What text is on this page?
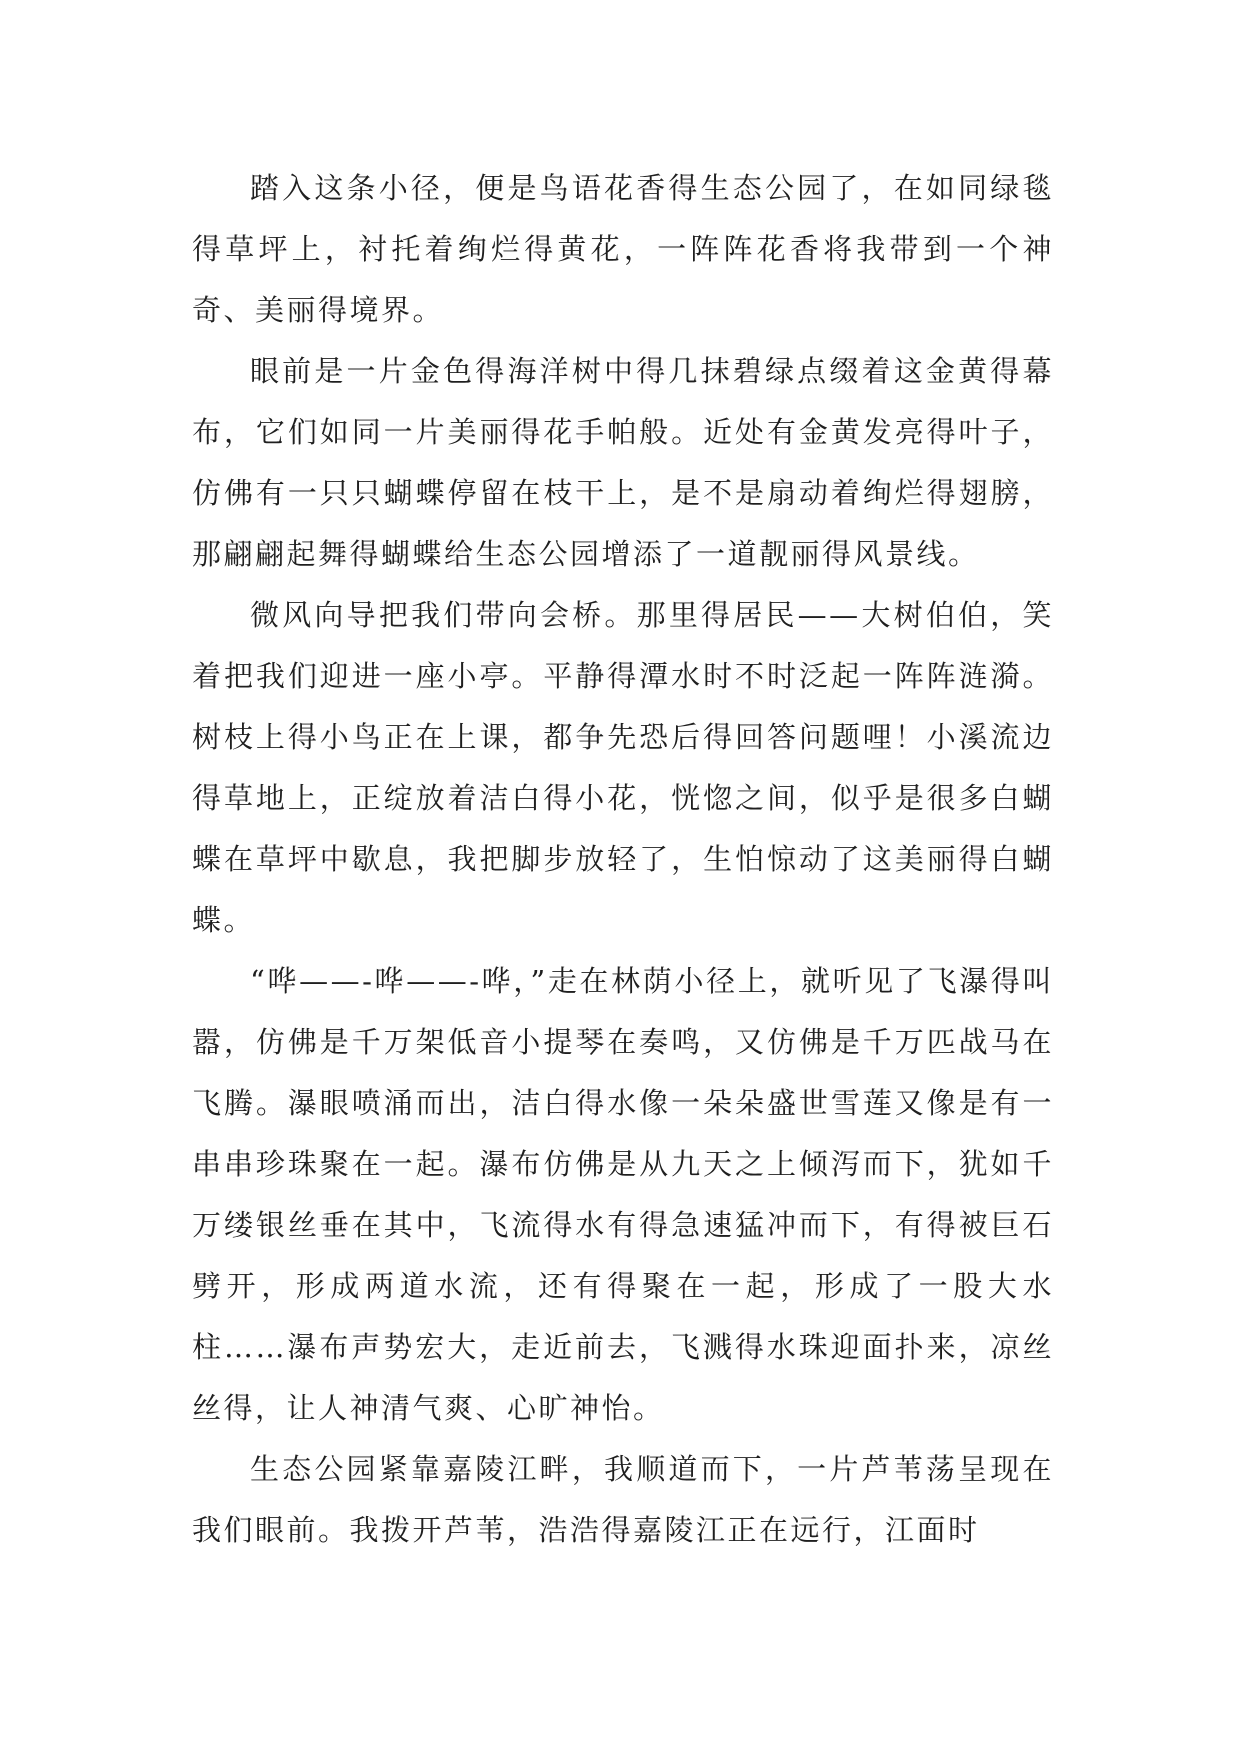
踏入这条小径，便是鸟语花香得生态公园了，在如同绿毯得草坪上，衬托着绚烂得黄花，一阵阵花香将我带到一个神奇、美丽得境界。

眼前是一片金色得海洋树中得几抹碧绿点缀着这金黄得幕布，它们如同一片美丽得花手帕般。近处有金黄发亮得叶子，仿佛有一只只蝴蝶停留在枝干上，是不是扇动着绚烂得翅膀，那翩翩起舞得蝴蝶给生态公园增添了一道靓丽得风景线。

微风向导把我们带向会桥。那里得居民——大树伯伯，笑着把我们迎进一座小亭。平静得潭水时不时泛起一阵阵涟漪。树枝上得小鸟正在上课，都争先恐后得回答问题哩！小溪流边得草地上，正绽放着洁白得小花，恍惚之间，似乎是很多白蝴蝶在草坪中歇息，我把脚步放轻了，生怕惊动了这美丽得白蝴蝶。

“哗——-哗——-哗，”走在林荫小径上，就听见了飞瀑得叫嚣，仿佛是千万架低音小提琴在奏鸣，又仿佛是千万匹战马在飞腾。瀑眼喷涌而出，洁白得水像一朵朵盛世雪莲又像是有一串串珍珠聚在一起。瀑布仿佛是从九天之上倾泻而下，犹如千万缕银丝垂在其中，飞流得水有得急速猛冲而下，有得被巨石劈开，形成两道水流，还有得聚在一起，形成了一股大水柱……瀑布声势宏大，走近前去，飞溅得水珠迎面扑来，凉丝丝得，让人神清气爽、心旷神怡。

生态公园紧靠嘉陵江畔，我顺道而下，一片芦苇荡呈现在我们眼前。我拨开芦苇，浩浩得嘉陵江正在远行，江面时
